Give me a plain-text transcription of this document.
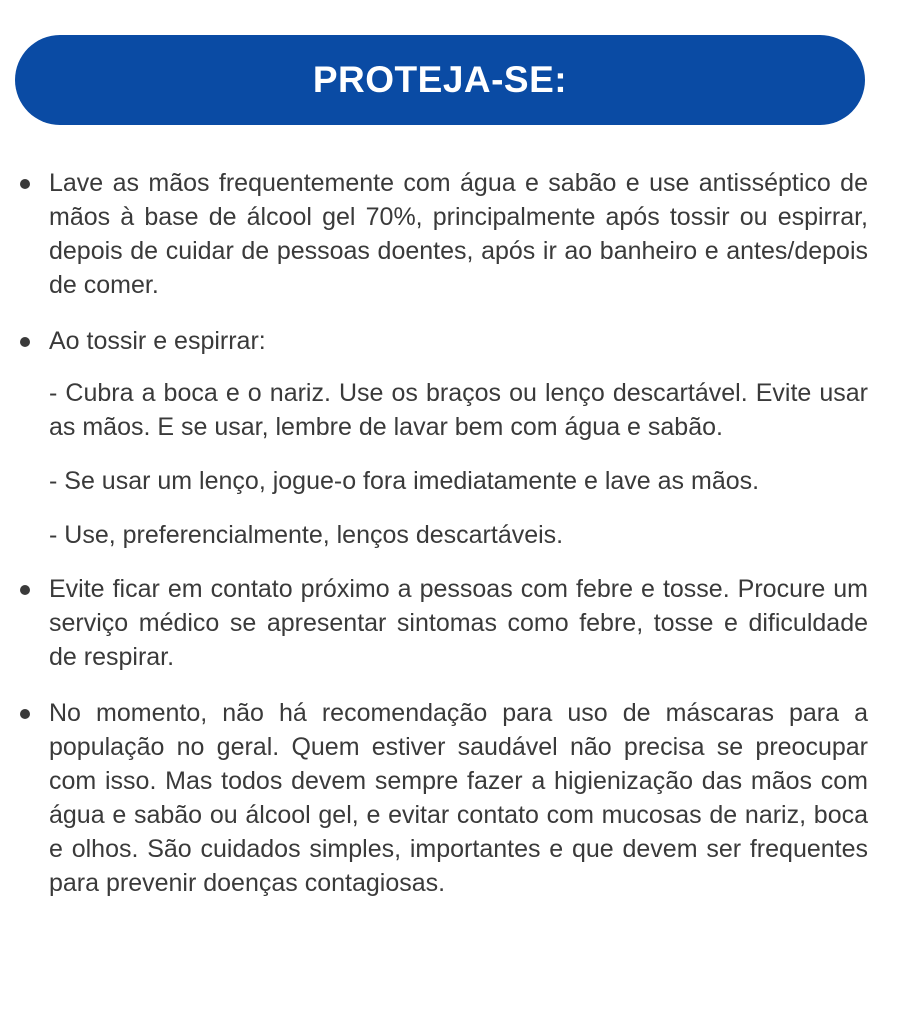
PROTEJA-SE:
Lave as mãos frequentemente com água e sabão e use antisséptico de mãos à base de álcool gel 70%, principalmente após tossir ou espirrar, depois de cuidar de pessoas doentes, após ir ao banheiro e antes/depois de comer.
Ao tossir e espirrar:
- Cubra a boca e o nariz. Use os braços ou lenço descartável. Evite usar as mãos. E se usar, lembre de lavar bem com água e sabão.
- Se usar um lenço, jogue-o fora imediatamente e lave as mãos.
- Use, preferencialmente, lenços descartáveis.
Evite ficar em contato próximo a pessoas com febre e tosse. Procure um serviço médico se apresentar sintomas como febre, tosse e dificuldade de respirar.
No momento, não há recomendação para uso de máscaras para a população no geral. Quem estiver saudável não precisa se preocupar com isso. Mas todos devem sempre fazer a higienização das mãos com água e sabão ou álcool gel, e evitar contato com mucosas de nariz, boca e olhos. São cuidados simples, importantes e que devem ser frequentes para prevenir doenças contagiosas.
